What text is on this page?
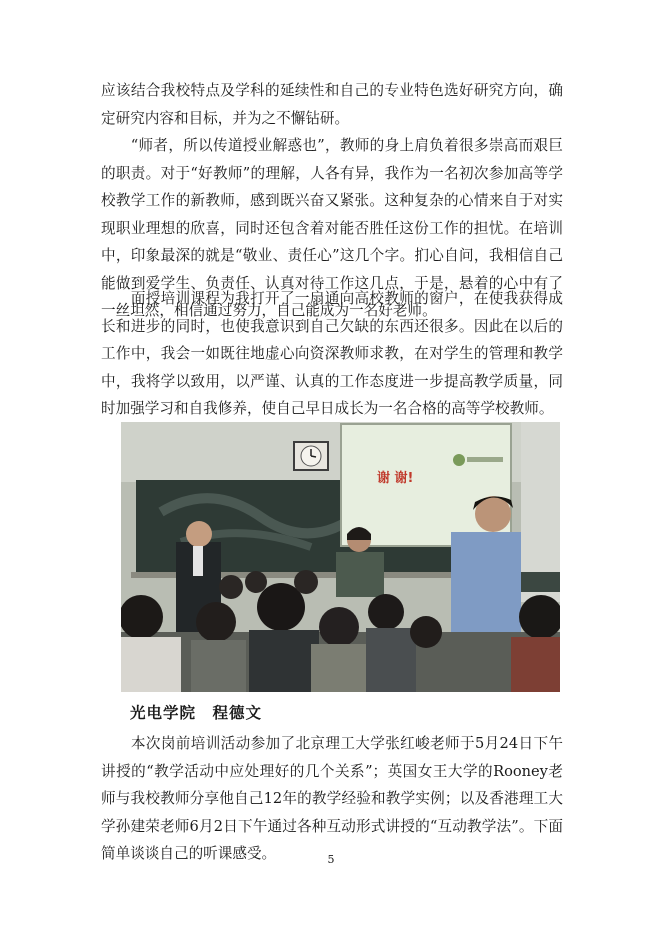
应该结合我校特点及学科的延续性和自己的专业特色选好研究方向，确定研究内容和目标，并为之不懈钻研。

　　“师者，所以传道授业解惑也”，教师的身上肩负着很多崇高而艰巨的职责。对于“好教师”的理解，人各有异，我作为一名初次参加高等学校教学工作的新教师，感到既兴奋又紧张。这种复杂的心情来自于对实现职业理想的欣喜，同时还包含着对能否胜任这份工作的担忧。在培训中，印象最深的就是“敬业、责任心”这几个字。扪心自问，我相信自己能做到爱学生、负责任、认真对待工作这几点，于是，悬着的心中有了一丝坦然，相信通过努力，自己能成为一名好老师。

　　面授培训课程为我打开了一扇通向高校教师的窗户，在使我获得成长和进步的同时，也使我意识到自己欠缺的东西还很多。因此在以后的工作中，我会一如既往地虚心向资深教师求教，在对学生的管理和教学中，我将学以致用，以严谨、认真的工作态度进一步提高教学质量，同时加强学习和自我修养，使自己早日成长为一名合格的高等学校教师。

谢 谢!
光电学院　程德文

　　本次岗前培训活动参加了北京理工大学张红峻老师于5月24日下午讲授的“教学活动中应处理好的几个关系”；英国女王大学的Rooney老师与我校教师分享他自己12年的教学经验和教学实例；以及香港理工大学孙建荣老师6月2日下午通过各种互动形式讲授的“互动教学法”。下面简单谈谈自己的听课感受。	5
